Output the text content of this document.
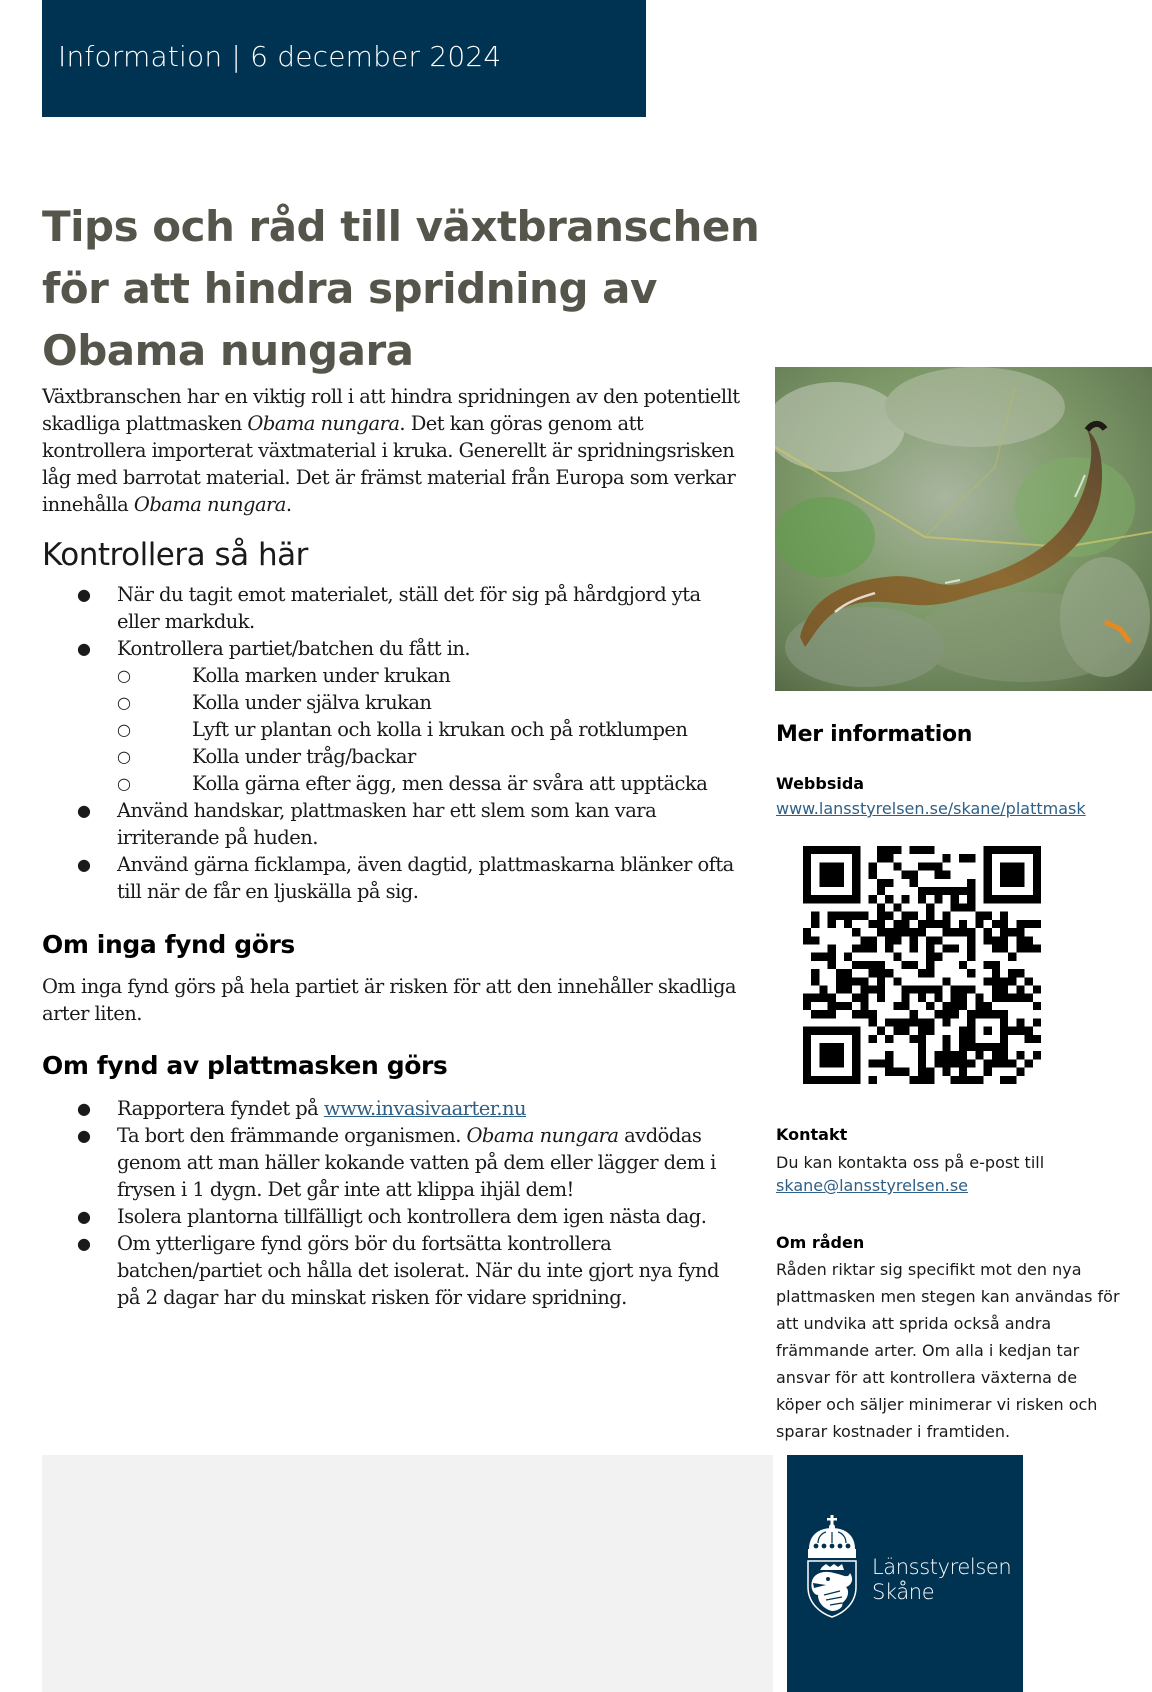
Information | 6 december 2024
Tips och råd till växtbranschen för att hindra spridning av Obama nungara

Växtbranschen har en viktig roll i att hindra spridningen av den potentiellt skadliga plattmasken Obama nungara. Det kan göras genom att kontrollera importerat växtmaterial i kruka. Generellt är spridningsrisken låg med barrotat material. Det är främst material från Europa som verkar innehålla Obama nungara.

Kontrollera så här
● När du tagit emot materialet, ställ det för sig på hårdgjord yta eller markduk.
● Kontrollera partiet/batchen du fått in.
○	Kolla marken under krukan
○	Kolla under själva krukan
○	Lyft ur plantan och kolla i krukan och på rotklumpen
○	Kolla under tråg/backar
○	Kolla gärna efter ägg, men dessa är svåra att upptäcka
● Använd handskar, plattmasken har ett slem som kan vara irriterande på huden.
● Använd gärna ficklampa, även dagtid, plattmaskarna blänker ofta till när de får en ljuskälla på sig.
Om inga fynd görs

Om inga fynd görs på hela partiet är risken för att den innehåller skadliga arter liten.

Om fynd av plattmasken görs
● Rapportera fyndet på www.invasivaarter.nu
● Ta bort den främmande organismen. Obama nungara avdödas genom att man häller kokande vatten på dem eller lägger dem i frysen i 1 dygn. Det går inte att klippa ihjäl dem!
● Isolera plantorna tillfälligt och kontrollera dem igen nästa dag.
● Om ytterligare fynd görs bör du fortsätta kontrollera batchen/partiet och hålla det isolerat. När du inte gjort nya fynd på 2 dagar har du minskat risken för vidare spridning.
Mer information

Webbsida

www.lansstyrelsen.se/skane/plattmask

Kontakt

Du kan kontakta oss på e-post till

skane@lansstyrelsen.se

Om råden

Råden riktar sig specifikt mot den nya plattmasken men stegen kan användas för att undvika att sprida också andra främmande arter. Om alla i kedjan tar ansvar för att kontrollera växterna de köper och säljer minimerar vi risken och sparar kostnader i framtiden.

Länsstyrelsen
Skåne
